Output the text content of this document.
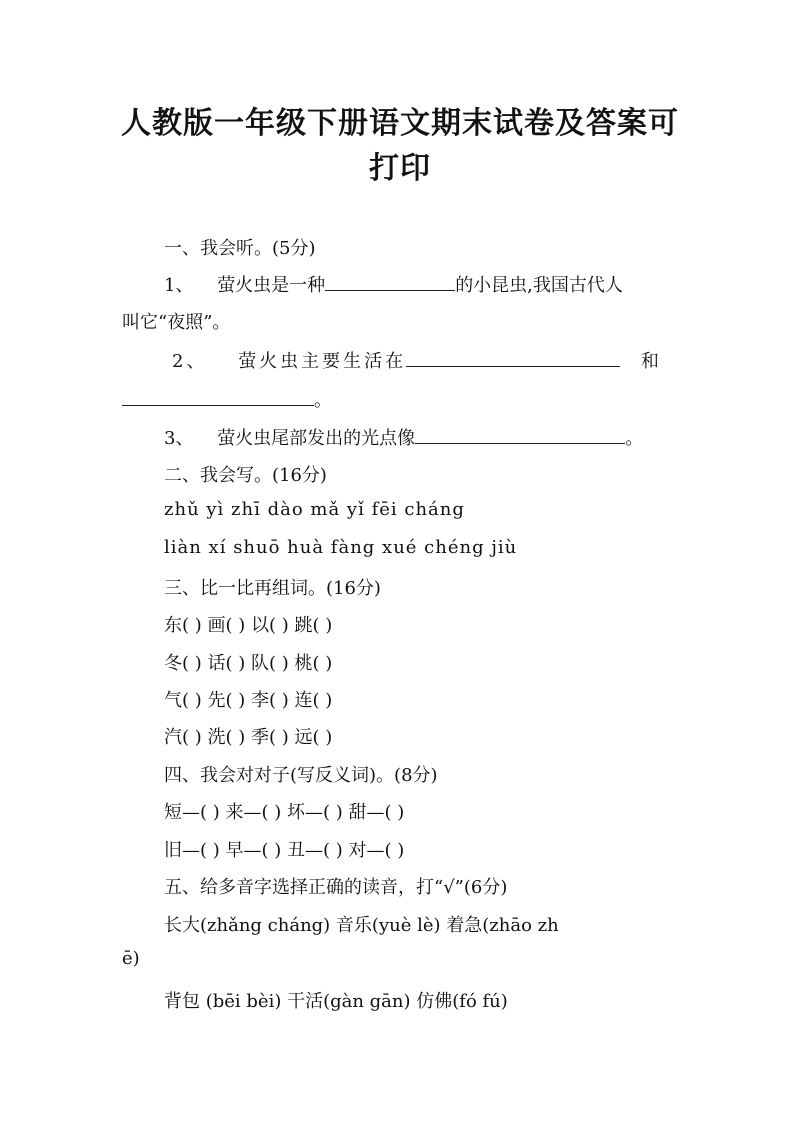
人教版一年级下册语文期末试卷及答案可
打印
一、我会听。(5分)
1、 萤火虫是一种	的小昆虫,我国古代人
叫它“夜照”。
2、 萤火虫主要生活在	和
。
3、 萤火虫尾部发出的光点像	。
二、我会写。(16分)
zhǔ yì zhī dào mǎ yǐ fēi cháng
liàn xí shuō huà fàng xué chéng jiù
三、比一比再组词。(16分)
东( ) 画( ) 以( ) 跳( )
冬( ) 话( ) 队( ) 桃( )
气( ) 先( ) 李( ) 连( )
汽( ) 洗( ) 季( ) 远( )
四、我会对对子(写反义词)。(8分)
短—( ) 来—( ) 坏—( ) 甜—( )
旧—( ) 早—( ) 丑—( ) 对—( )
五、给多音字选择正确的读音，打“√”(6分)
长大(zhǎng cháng) 音乐(yuè lè) 着急(zhāo zh
ē)
背包 (bēi bèi) 干活(gàn gān) 仿佛(fó fú)
